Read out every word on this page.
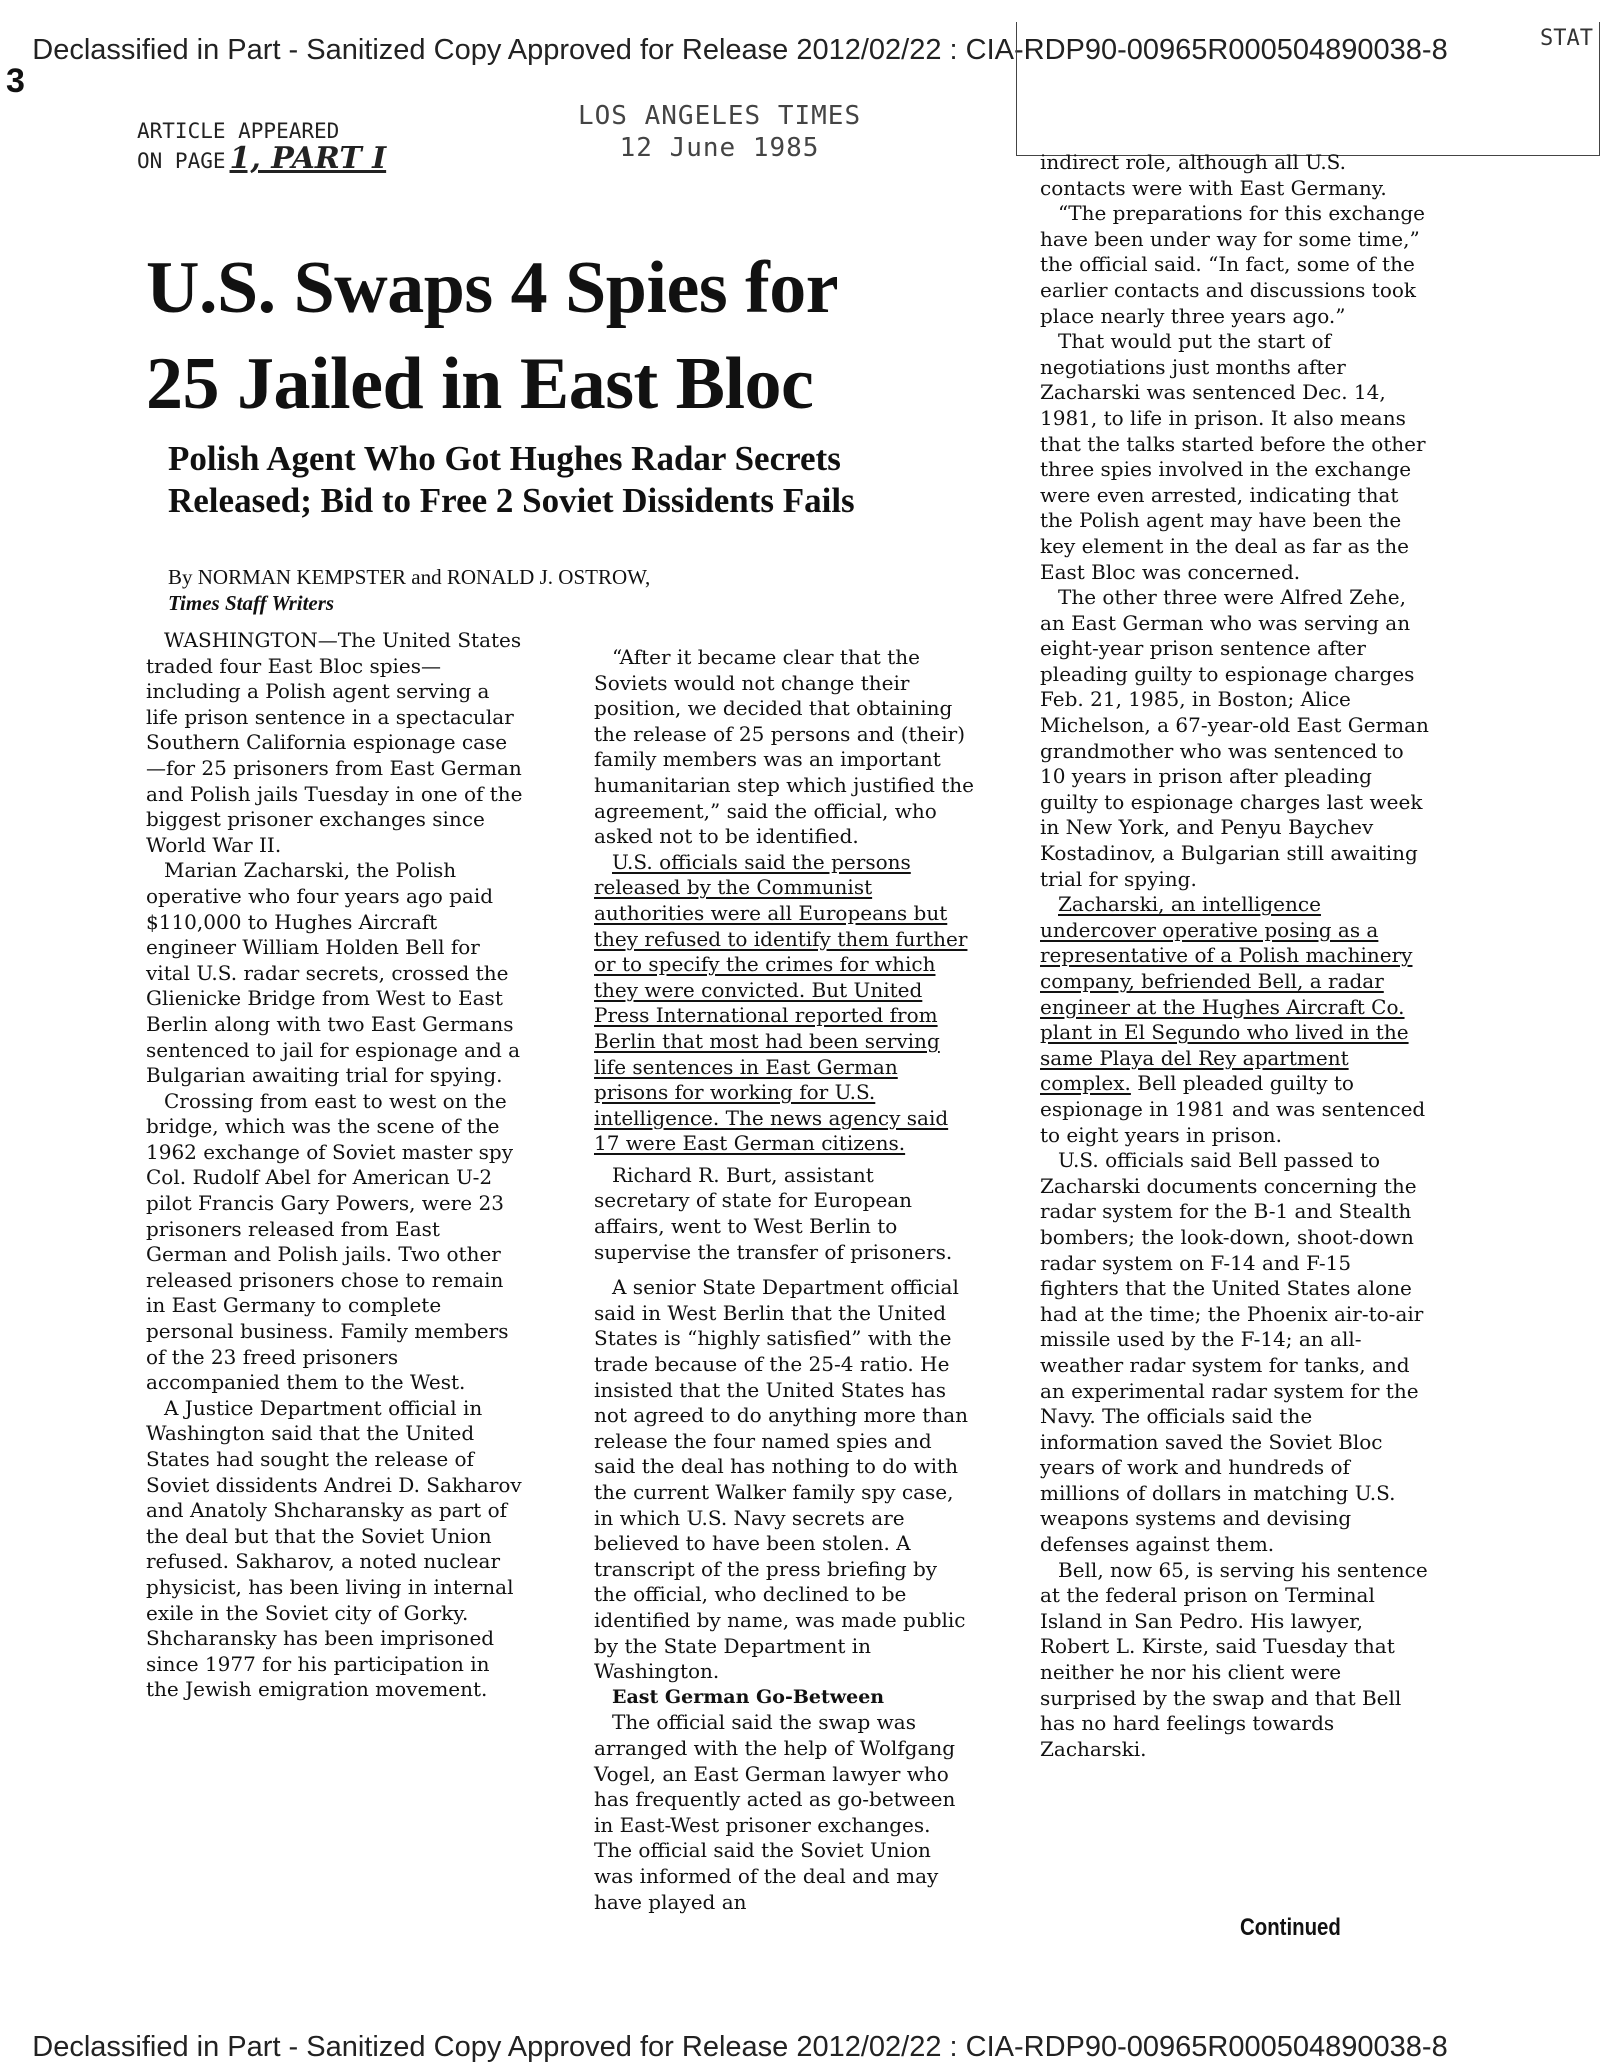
Declassified in Part - Sanitized Copy Approved for Release 2012/02/22 : CIA-RDP90-00965R000504890038-8	STAT
3
ARTICLE APPEARED
ON PAGE 1, PART I
LOS ANGELES TIMES
12 June 1985
U.S. Swaps 4 Spies for 25 Jailed in East Bloc
Polish Agent Who Got Hughes Radar Secrets Released; Bid to Free 2 Soviet Dissidents Fails
By NORMAN KEMPSTER and RONALD J. OSTROW,
Times Staff Writers

WASHINGTON—The United States traded four East Bloc spies—including a Polish agent serving a life prison sentence in a spectacular Southern California espionage case—for 25 prisoners from East German and Polish jails Tuesday in one of the biggest prisoner exchanges since World War II.

Marian Zacharski, the Polish operative who four years ago paid $110,000 to Hughes Aircraft engineer William Holden Bell for vital U.S. radar secrets, crossed the Glienicke Bridge from West to East Berlin along with two East Germans sentenced to jail for espionage and a Bulgarian awaiting trial for spying.

Crossing from east to west on the bridge, which was the scene of the 1962 exchange of Soviet master spy Col. Rudolf Abel for American U-2 pilot Francis Gary Powers, were 23 prisoners released from East German and Polish jails. Two other released prisoners chose to remain in East Germany to complete personal business. Family members of the 23 freed prisoners accompanied them to the West.

A Justice Department official in Washington said that the United States had sought the release of Soviet dissidents Andrei D. Sakharov and Anatoly Shcharansky as part of the deal but that the Soviet Union refused. Sakharov, a noted nuclear physicist, has been living in internal exile in the Soviet city of Gorky. Shcharansky has been imprisoned since 1977 for his participation in the Jewish emigration movement.

“After it became clear that the Soviets would not change their position, we decided that obtaining the release of 25 persons and (their) family members was an important humanitarian step which justified the agreement,” said the official, who asked not to be identified.

U.S. officials said the persons released by the Communist authorities were all Europeans but they refused to identify them further or to specify the crimes for which they were convicted. But United Press International reported from Berlin that most had been serving life sentences in East German prisons for working for U.S. intelligence. The news agency said 17 were East German citizens.

Richard R. Burt, assistant secretary of state for European affairs, went to West Berlin to supervise the transfer of prisoners.

A senior State Department official said in West Berlin that the United States is “highly satisfied” with the trade because of the 25-4 ratio. He insisted that the United States has not agreed to do anything more than release the four named spies and said the deal has nothing to do with the current Walker family spy case, in which U.S. Navy secrets are believed to have been stolen. A transcript of the press briefing by the official, who declined to be identified by name, was made public by the State Department in Washington.

East German Go-Between

The official said the swap was arranged with the help of Wolfgang Vogel, an East German lawyer who has frequently acted as go-between in East-West prisoner exchanges. The official said the Soviet Union was informed of the deal and may have played an

indirect role, although all U.S. contacts were with East Germany.

“The preparations for this exchange have been under way for some time,” the official said. “In fact, some of the earlier contacts and discussions took place nearly three years ago.”

That would put the start of negotiations just months after Zacharski was sentenced Dec. 14, 1981, to life in prison. It also means that the talks started before the other three spies involved in the exchange were even arrested, indicating that the Polish agent may have been the key element in the deal as far as the East Bloc was concerned.

The other three were Alfred Zehe, an East German who was serving an eight-year prison sentence after pleading guilty to espionage charges Feb. 21, 1985, in Boston; Alice Michelson, a 67-year-old East German grandmother who was sentenced to 10 years in prison after pleading guilty to espionage charges last week in New York, and Penyu Baychev Kostadinov, a Bulgarian still awaiting trial for spying.

Zacharski, an intelligence undercover operative posing as a representative of a Polish machinery company, befriended Bell, a radar engineer at the Hughes Aircraft Co. plant in El Segundo who lived in the same Playa del Rey apartment complex. Bell pleaded guilty to espionage in 1981 and was sentenced to eight years in prison.

U.S. officials said Bell passed to Zacharski documents concerning the radar system for the B-1 and Stealth bombers; the look-down, shoot-down radar system on F-14 and F-15 fighters that the United States alone had at the time; the Phoenix air-to-air missile used by the F-14; an all-weather radar system for tanks, and an experimental radar system for the Navy. The officials said the information saved the Soviet Bloc years of work and hundreds of millions of dollars in matching U.S. weapons systems and devising defenses against them.

Bell, now 65, is serving his sentence at the federal prison on Terminal Island in San Pedro. His lawyer, Robert L. Kirste, said Tuesday that neither he nor his client were surprised by the swap and that Bell has no hard feelings towards Zacharski.

Continued
Declassified in Part - Sanitized Copy Approved for Release 2012/02/22 : CIA-RDP90-00965R000504890038-8
